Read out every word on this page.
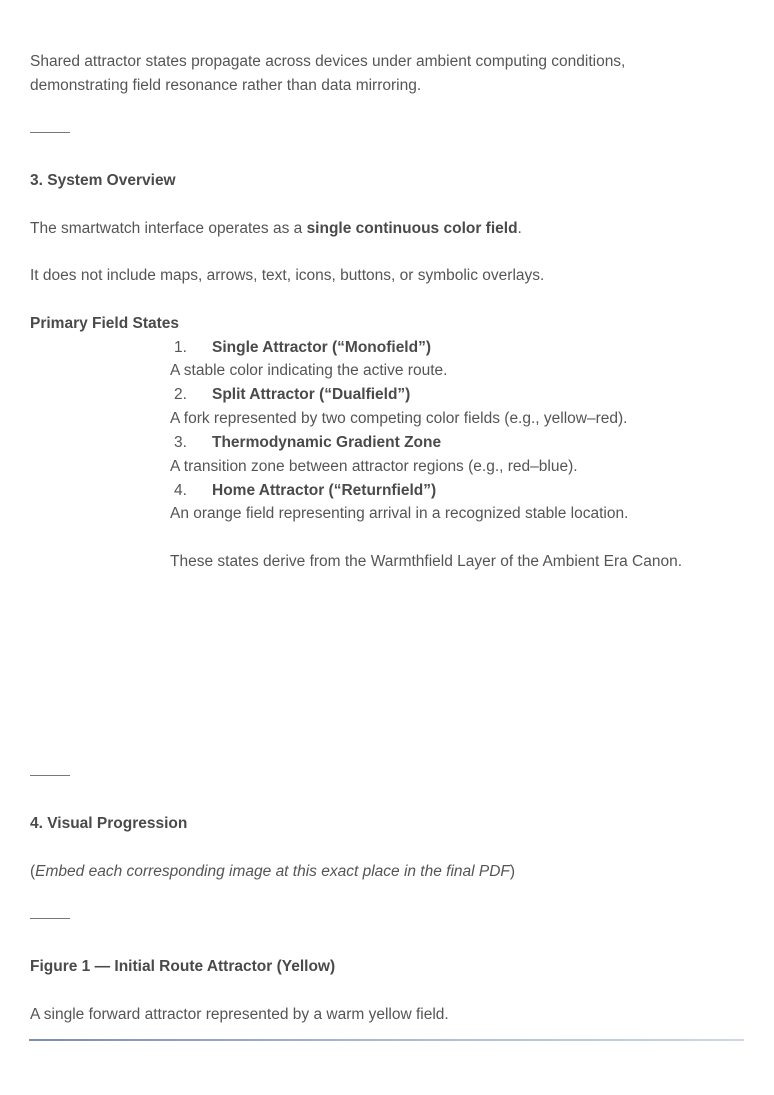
Shared attractor states propagate across devices under ambient computing conditions,
demonstrating field resonance rather than data mirroring.
3. System Overview
The smartwatch interface operates as a single continuous color field.
It does not include maps, arrows, text, icons, buttons, or symbolic overlays.
Primary Field States
1. Single Attractor (“Monofield”)
A stable color indicating the active route.
2. Split Attractor (“Dualfield”)
A fork represented by two competing color fields (e.g., yellow–red).
3. Thermodynamic Gradient Zone
A transition zone between attractor regions (e.g., red–blue).
4. Home Attractor (“Returnfield”)
An orange field representing arrival in a recognized stable location.
These states derive from the Warmthfield Layer of the Ambient Era Canon.
4. Visual Progression
(Embed each corresponding image at this exact place in the final PDF)
Figure 1 — Initial Route Attractor (Yellow)
A single forward attractor represented by a warm yellow field.
